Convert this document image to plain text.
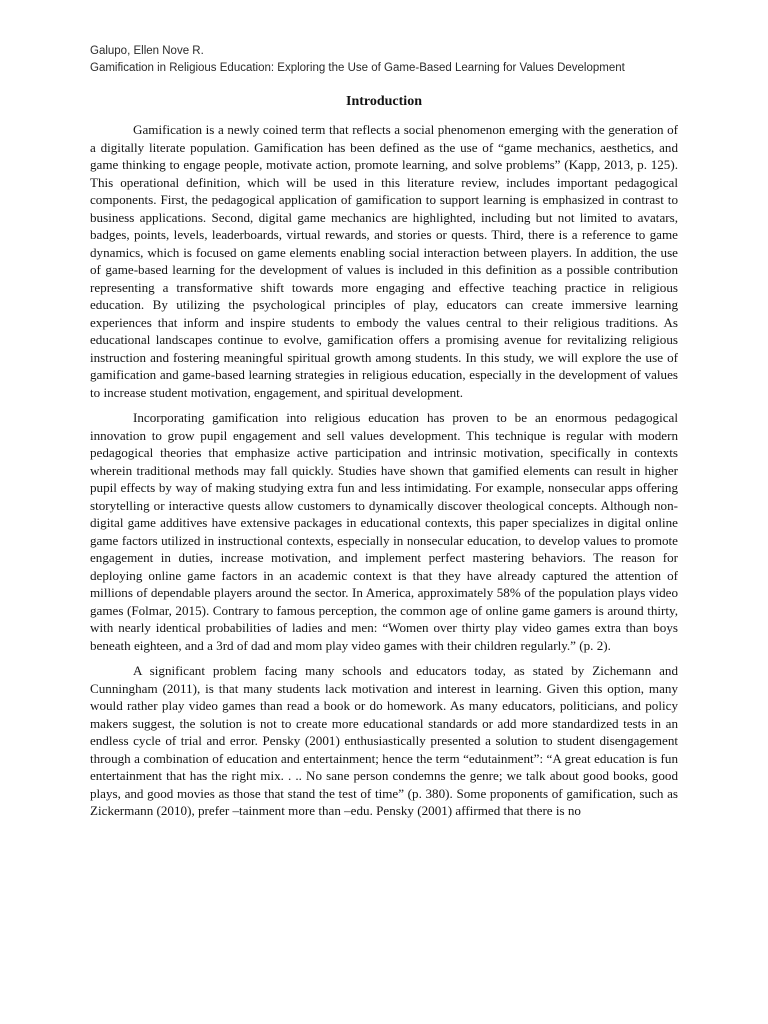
Galupo, Ellen Nove R.
Gamification in Religious Education: Exploring the Use of Game-Based Learning for Values Development
Introduction

Gamification is a newly coined term that reflects a social phenomenon emerging with the generation of a digitally literate population. Gamification has been defined as the use of “game mechanics, aesthetics, and game thinking to engage people, motivate action, promote learning, and solve problems” (Kapp, 2013, p. 125). This operational definition, which will be used in this literature review, includes important pedagogical components. First, the pedagogical application of gamification to support learning is emphasized in contrast to business applications. Second, digital game mechanics are highlighted, including but not limited to avatars, badges, points, levels, leaderboards, virtual rewards, and stories or quests. Third, there is a reference to game dynamics, which is focused on game elements enabling social interaction between players. In addition, the use of game-based learning for the development of values is included in this definition as a possible contribution representing a transformative shift towards more engaging and effective teaching practice in religious education. By utilizing the psychological principles of play, educators can create immersive learning experiences that inform and inspire students to embody the values central to their religious traditions. As educational landscapes continue to evolve, gamification offers a promising avenue for revitalizing religious instruction and fostering meaningful spiritual growth among students. In this study, we will explore the use of gamification and game-based learning strategies in religious education, especially in the development of values to increase student motivation, engagement, and spiritual development.

Incorporating gamification into religious education has proven to be an enormous pedagogical innovation to grow pupil engagement and sell values development. This technique is regular with modern pedagogical theories that emphasize active participation and intrinsic motivation, specifically in contexts wherein traditional methods may fall quickly. Studies have shown that gamified elements can result in higher pupil effects by way of making studying extra fun and less intimidating. For example, nonsecular apps offering storytelling or interactive quests allow customers to dynamically discover theological concepts. Although non-digital game additives have extensive packages in educational contexts, this paper specializes in digital online game factors utilized in instructional contexts, especially in nonsecular education, to develop values to promote engagement in duties, increase motivation, and implement perfect mastering behaviors. The reason for deploying online game factors in an academic context is that they have already captured the attention of millions of dependable players around the sector. In America, approximately 58% of the population plays video games (Folmar, 2015). Contrary to famous perception, the common age of online game gamers is around thirty, with nearly identical probabilities of ladies and men: “Women over thirty play video games extra than boys beneath eighteen, and a 3rd of dad and mom play video games with their children regularly.” (p. 2).

A significant problem facing many schools and educators today, as stated by Zichemann and Cunningham (2011), is that many students lack motivation and interest in learning. Given this option, many would rather play video games than read a book or do homework. As many educators, politicians, and policy makers suggest, the solution is not to create more educational standards or add more standardized tests in an endless cycle of trial and error. Pensky (2001) enthusiastically presented a solution to student disengagement through a combination of education and entertainment; hence the term “edutainment”: “A great education is fun entertainment that has the right mix. . .. No sane person condemns the genre; we talk about good books, good plays, and good movies as those that stand the test of time” (p. 380). Some proponents of gamification, such as Zickermann (2010), prefer –tainment more than –edu. Pensky (2001) affirmed that there is no
